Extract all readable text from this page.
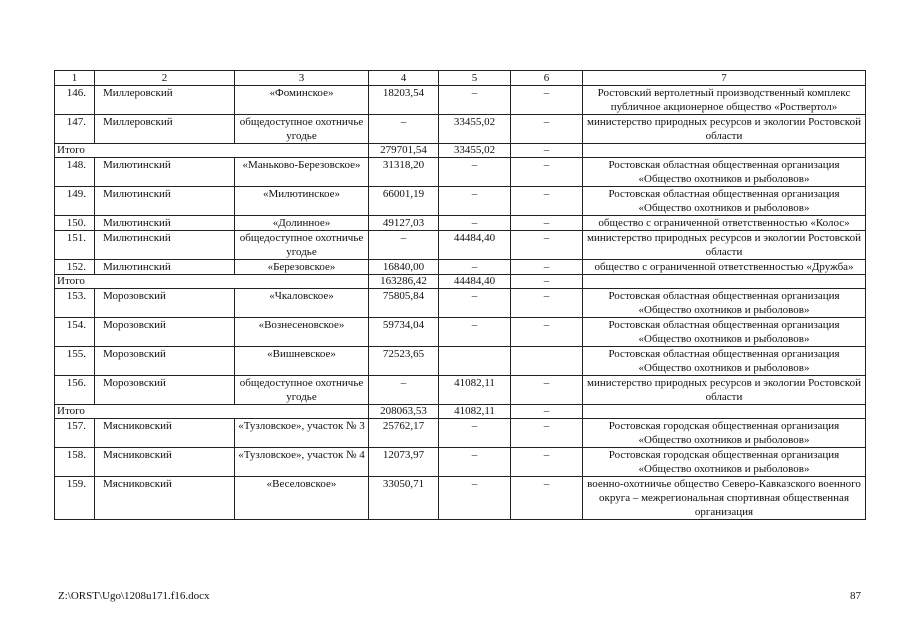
1	2	3	4	5	6	7
146.	Миллеровский	«Фоминское»	18203,54	–	–	Ростовский вертолетный производственный комплекс публичное акционерное общество «Роствертол»
147.	Миллеровский	общедоступное охотничье угодье	–	33455,02	–	министерство природных ресурсов и экологии Ростовской области
Итого			279701,54	33455,02	–	
148.	Милютинский	«Маньково-Березовское»	31318,20	–	–	Ростовская областная общественная организация «Общество охотников и рыболовов»
149.	Милютинский	«Милютинское»	66001,19	–	–	Ростовская областная общественная организация «Общество охотников и рыболовов»
150.	Милютинский	«Долинное»	49127,03	–	–	общество с ограниченной ответственностью «Колос»
151.	Милютинский	общедоступное охотничье угодье	–	44484,40	–	министерство природных ресурсов и экологии Ростовской области
152.	Милютинский	«Березовское»	16840,00	–	–	общество с ограниченной ответственностью «Дружба»
Итого			163286,42	44484,40	–	
153.	Морозовский	«Чкаловское»	75805,84	–	–	Ростовская областная общественная организация «Общество охотников и рыболовов»
154.	Морозовский	«Вознесеновское»	59734,04	–	–	Ростовская областная общественная организация «Общество охотников и рыболовов»
155.	Морозовский	«Вишневское»	72523,65			Ростовская областная общественная организация «Общество охотников и рыболовов»
156.	Морозовский	общедоступное охотничье угодье	–	41082,11	–	министерство природных ресурсов и экологии Ростовской области
Итого			208063,53	41082,11	–	
157.	Мясниковский	«Тузловское», участок № 3	25762,17	–	–	Ростовская городская общественная организация «Общество охотников и рыболовов»
158.	Мясниковский	«Тузловское», участок № 4	12073,97	–	–	Ростовская городская общественная организация «Общество охотников и рыболовов»
159.	Мясниковский	«Веселовское»	33050,71	–	–	военно-охотничье общество Северо-Кавказского военного округа – межрегиональная спортивная общественная организация
Z:\ORST\Ugo\1208u171.f16.docx	87
